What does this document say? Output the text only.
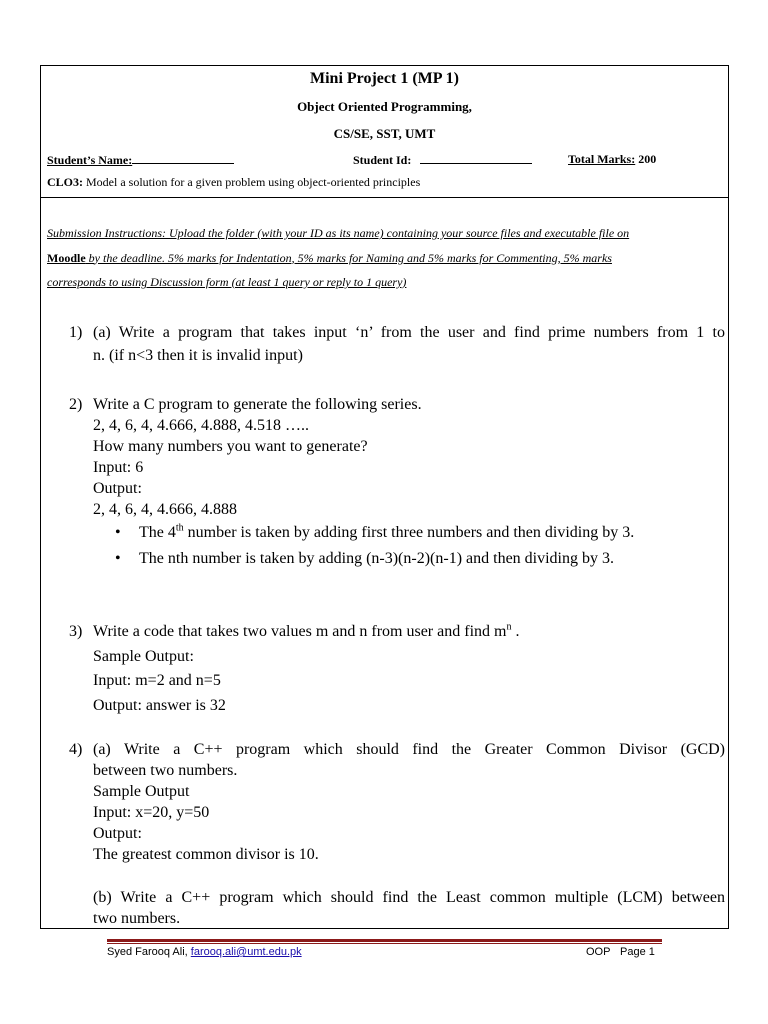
Mini Project 1 (MP 1)
Object Oriented Programming,
CS/SE, SST, UMT
Student’s Name:	Student Id:	Total Marks: 200
CLO3: Model a solution for a given problem using object-oriented principles
Submission Instructions: Upload the folder (with your ID as its name) containing your source files and executable file on
Moodle by the deadline. 5% marks for Indentation, 5% marks for Naming and 5% marks for Commenting, 5% marks
corresponds to using Discussion form (at least 1 query or reply to 1 query)
1) (a) Write a program that takes input ‘n’ from the user and find prime numbers from 1 to
n. (if n<3 then it is invalid input)
2) Write a C program to generate the following series.
2, 4, 6, 4, 4.666, 4.888, 4.518 …..
How many numbers you want to generate?
Input: 6
Output:
2, 4, 6, 4, 4.666, 4.888
• The 4th number is taken by adding first three numbers and then dividing by 3.
• The nth number is taken by adding (n-3)(n-2)(n-1) and then dividing by 3.
3) Write a code that takes two values m and n from user and find $m^n$ .
Sample Output:
Input: m=2 and n=5
Output: answer is 32
4) (a) Write a C++ program which should find the Greater Common Divisor (GCD)
between two numbers.
Sample Output
Input: x=20, y=50
Output:
The greatest common divisor is 10.
(b) Write a C++ program which should find the Least common multiple (LCM) between
two numbers.
Syed Farooq Ali, farooq.ali@umt.edu.pk	OOP Page 1
